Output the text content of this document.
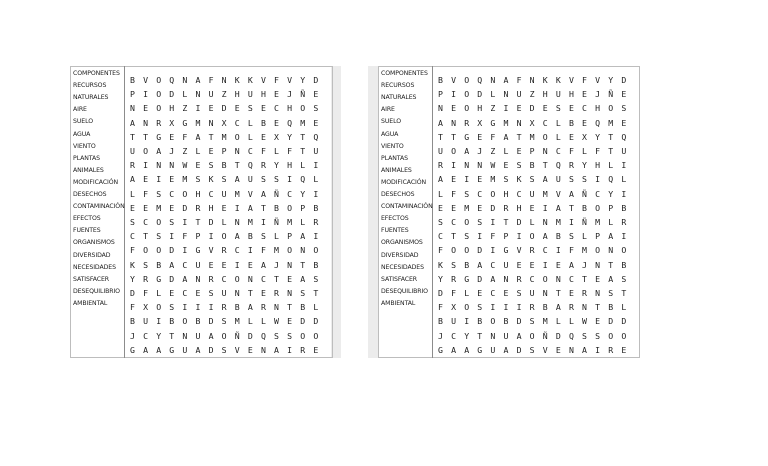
COMPONENTES
RECURSOS
NATURALES
AIRE
SUELO
AGUA
VIENTO
PLANTAS
ANIMALES
MODIFICACIÓN
DESECHOS
CONTAMINACIÓN
EFECTOS
FUENTES
ORGANISMOS
DIVERSIDAD
NECESIDADES
SATISFACER
DESEQUILIBRIO
AMBIENTAL
B V O Q N A F N K K V F V Y D
P I O D L N U Z H U H E J Ñ E
N E O H Z I E D E S E C H O S
A N R X G M N X C L B E Q M E
T T G E F A T M O L E X Y T Q
U O A J Z L E P N C F L F T U
R I N N W E S B T Q R Y H L I
A E I E M S K S A U S S I Q L
L F S C O H C U M V A Ñ C Y I
E E M E D R H E I A T B O P B
S C O S I T D L N M I Ñ M L R
C T S I F P I O A B S L P A I
F O O D I G V R C I F M O N O
K S B A C U E E I E A J N T B
Y R G D A N R C O N C T E A S
D F L E C E S U N T E R N S T
F X O S I I I R B A R N T B L
B U I B O B D S M L L W E D D
J C Y T N U A O Ñ D Q S S O O
G A A G U A D S V E N A I R E
COMPONENTES
RECURSOS
NATURALES
AIRE
SUELO
AGUA
VIENTO
PLANTAS
ANIMALES
MODIFICACIÓN
DESECHOS
CONTAMINACIÓN
EFECTOS
FUENTES
ORGANISMOS
DIVERSIDAD
NECESIDADES
SATISFACER
DESEQUILIBRIO
AMBIENTAL
B V O Q N A F N K K V F V Y D
P I O D L N U Z H U H E J Ñ E
N E O H Z I E D E S E C H O S
A N R X G M N X C L B E Q M E
T T G E F A T M O L E X Y T Q
U O A J Z L E P N C F L F T U
R I N N W E S B T Q R Y H L I
A E I E M S K S A U S S I Q L
L F S C O H C U M V A Ñ C Y I
E E M E D R H E I A T B O P B
S C O S I T D L N M I Ñ M L R
C T S I F P I O A B S L P A I
F O O D I G V R C I F M O N O
K S B A C U E E I E A J N T B
Y R G D A N R C O N C T E A S
D F L E C E S U N T E R N S T
F X O S I I I R B A R N T B L
B U I B O B D S M L L W E D D
J C Y T N U A O Ñ D Q S S O O
G A A G U A D S V E N A I R E
